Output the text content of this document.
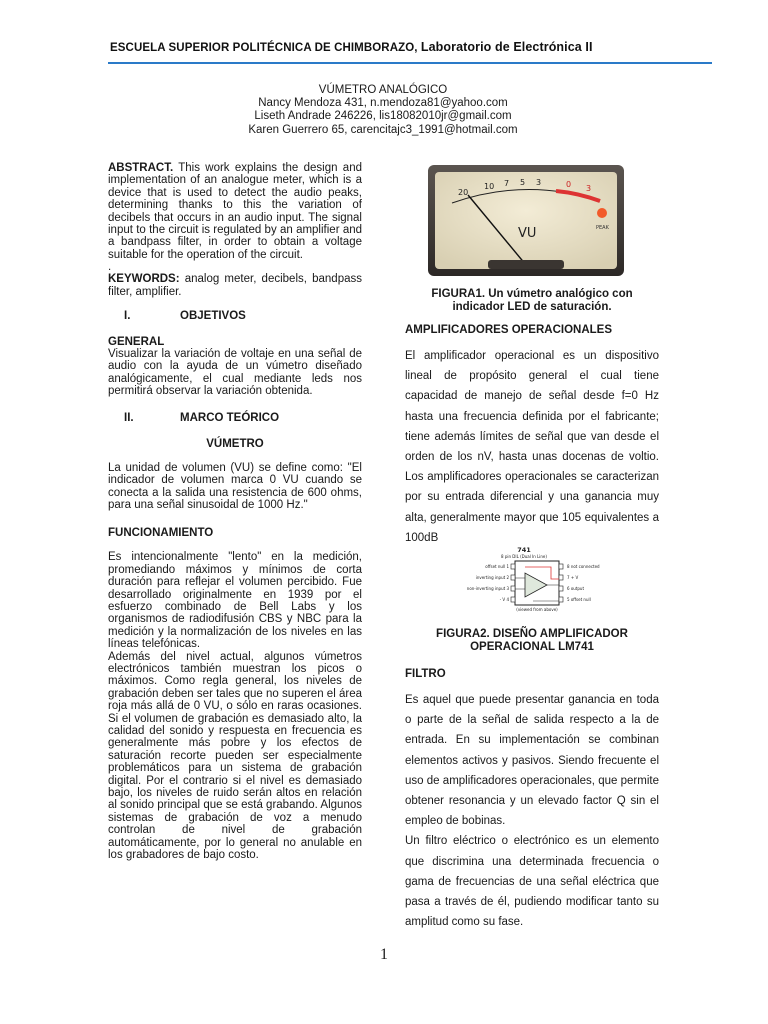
ESCUELA SUPERIOR POLITÉCNICA DE CHIMBORAZO, Laboratorio de Electrónica II
VÚMETRO ANALÓGICO
Nancy Mendoza 431, n.mendoza81@yahoo.com
Liseth Andrade 246226, lis18082010jr@gmail.com
Karen Guerrero 65, carencitajc3_1991@hotmail.com

ABSTRACT. This work explains the design and implementation of an analogue meter, which is a device that is used to detect the audio peaks, determining thanks to this the variation of decibels that occurs in an audio input. The signal input to the circuit is regulated by an amplifier and a bandpass filter, in order to obtain a voltage suitable for the operation of the circuit.

.

KEYWORDS: analog meter, decibels, bandpass filter, amplifier.

I.	OBJETIVOS
GENERAL

Visualizar la variación de voltaje en una señal de audio con la ayuda de un vúmetro diseñado analógicamente, el cual mediante leds nos permitirá observar la variación obtenida.

II.	MARCO TEÓRICO
VÚMETRO

La unidad de volumen (VU) se define como: "El indicador de volumen marca 0 VU cuando se conecta a la salida una resistencia de 600 ohms, para una señal sinusoidal de 1000 Hz."

FUNCIONAMIENTO

Es intencionalmente "lento" en la medición, promediando máximos y mínimos de corta duración para reflejar el volumen percibido. Fue desarrollado originalmente en 1939 por el esfuerzo combinado de Bell Labs y los organismos de radiodifusión CBS y NBC para la medición y la normalización de los niveles en las líneas telefónicas.

Además del nivel actual, algunos vúmetros electrónicos también muestran los picos o máximos. Como regla general, los niveles de grabación deben ser tales que no superen el área roja más allá de 0 VU, o sólo en raras ocasiones. Si el volumen de grabación es demasiado alto, la calidad del sonido y respuesta en frecuencia es generalmente más pobre y los efectos de saturación recorte pueden ser especialmente problemáticos para un sistema de grabación digital. Por el contrario si el nivel es demasiado bajo, los niveles de ruido serán altos en relación al sonido principal que se está grabando. Algunos sistemas de grabación de voz a menudo controlan de nivel de grabación automáticamente, por lo general no anulable en los grabadores de bajo costo.

20
10 7 5 3	0 3
VU	PEAK
741
8 pin DIL (Dual In Line)
offset null 1
inverting input 2
non-inverting input 3
- V 4
8 not connected
7 + V
6 output
5 offset null
(viewed from above)
FIGURA1. Un vúmetro analógico con indicador LED de saturación.
AMPLIFICADORES OPERACIONALES

El amplificador operacional es un dispositivo lineal de propósito general el cual tiene capacidad de manejo de señal desde f=0 Hz hasta una frecuencia definida por el fabricante; tiene además límites de señal que van desde el orden de los nV, hasta unas docenas de voltio. Los amplificadores operacionales se caracterizan por su entrada diferencial y una ganancia muy alta, generalmente mayor que 105 equivalentes a 100dB

FIGURA2. DISEÑO AMPLIFICADOR OPERACIONAL LM741
FILTRO

Es aquel que puede presentar ganancia en toda o parte de la señal de salida respecto a la de entrada. En su implementación se combinan elementos activos y pasivos. Siendo frecuente el uso de amplificadores operacionales, que permite obtener resonancia y un elevado factor Q sin el empleo de bobinas.

Un filtro eléctrico o electrónico es un elemento que discrimina una determinada frecuencia o gama de frecuencias de una señal eléctrica que pasa a través de él, pudiendo modificar tanto su amplitud como su fase.

1
